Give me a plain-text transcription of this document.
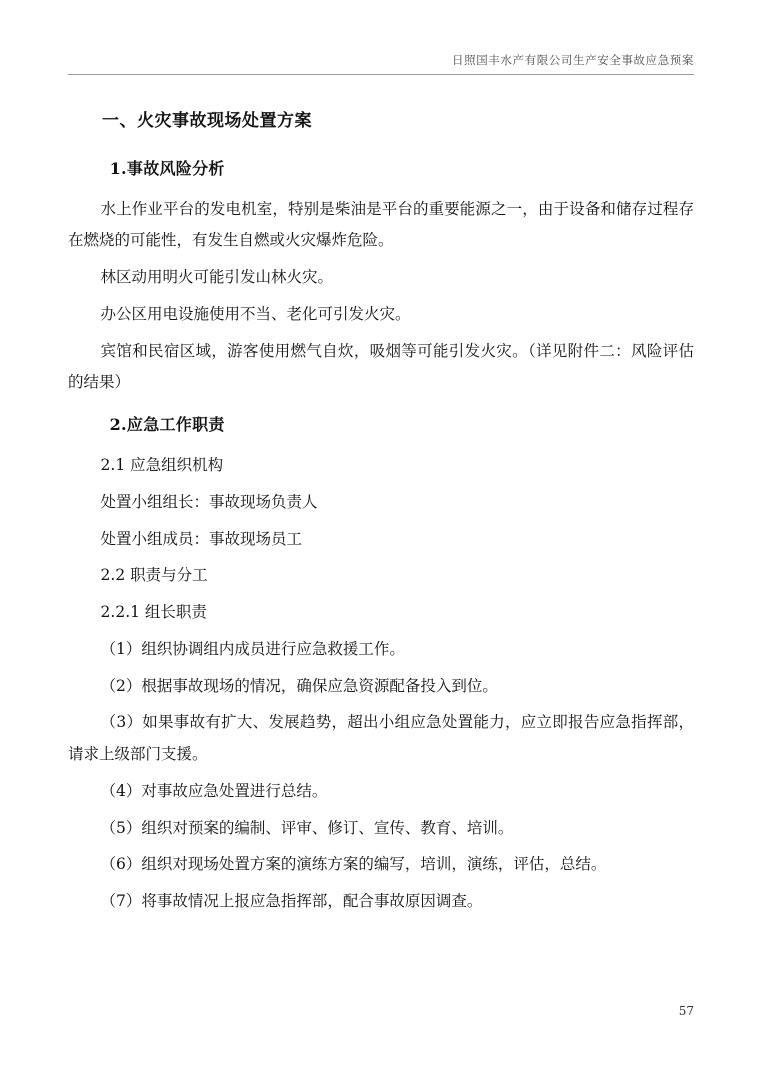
日照国丰水产有限公司生产安全事故应急预案

一、火灾事故现场处置方案

1.事故风险分析

水上作业平台的发电机室，特别是柴油是平台的重要能源之一，由于设备和储存过程存在燃烧的可能性，有发生自燃或火灾爆炸危险。

林区动用明火可能引发山林火灾。

办公区用电设施使用不当、老化可引发火灾。

宾馆和民宿区域，游客使用燃气自炊，吸烟等可能引发火灾。（详见附件二：风险评估的结果）

2.应急工作职责

2.1 应急组织机构

处置小组组长：事故现场负责人

处置小组成员：事故现场员工

2.2 职责与分工

2.2.1 组长职责

（1）组织协调组内成员进行应急救援工作。

（2）根据事故现场的情况，确保应急资源配备投入到位。

（3）如果事故有扩大、发展趋势，超出小组应急处置能力，应立即报告应急指挥部，请求上级部门支援。

（4）对事故应急处置进行总结。

（5）组织对预案的编制、评审、修订、宣传、教育、培训。

（6）组织对现场处置方案的演练方案的编写，培训，演练，评估，总结。

（7）将事故情况上报应急指挥部，配合事故原因调查。

57
